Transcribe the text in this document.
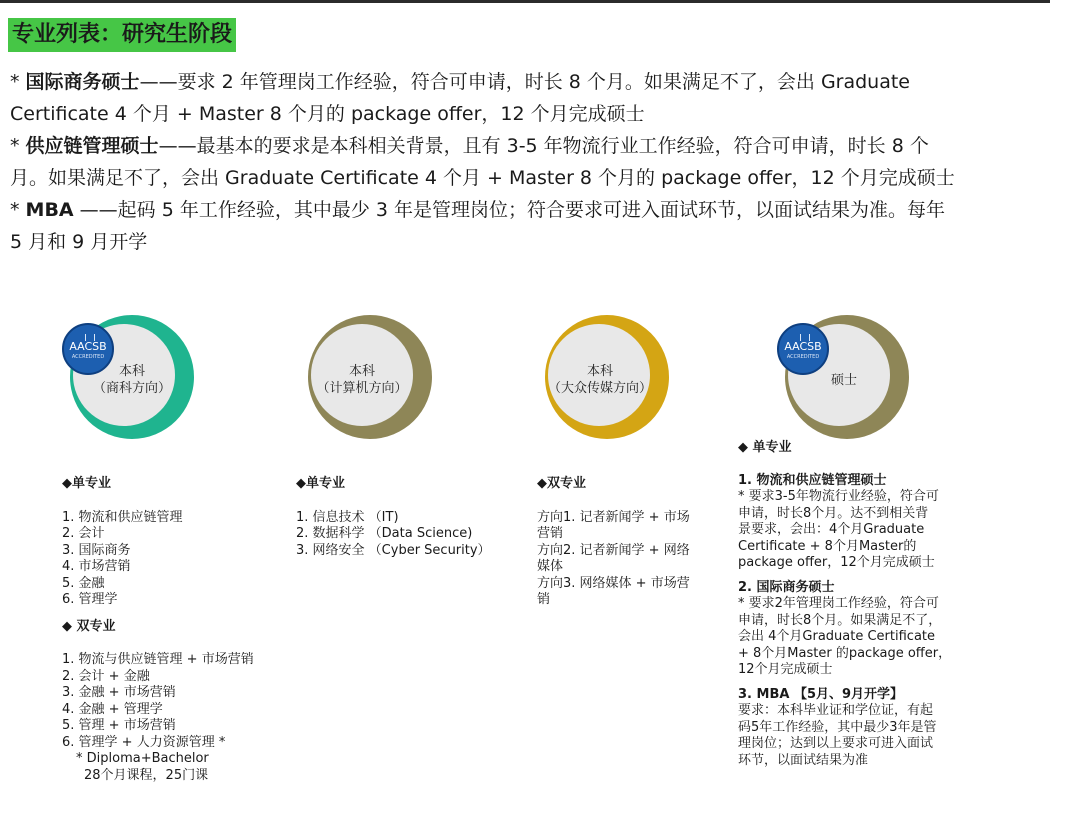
专业列表：研究生阶段
* 国际商务硕士——要求 2 年管理岗工作经验，符合可申请，时长 8 个月。如果满足不了，会出 Graduate
Certificate 4 个月 + Master 8 个月的 package offer，12 个月完成硕士
* 供应链管理硕士——最基本的要求是本科相关背景，且有 3-5 年物流行业工作经验，符合可申请，时长 8 个
月。如果满足不了，会出 Graduate Certificate 4 个月 + Master 8 个月的 package offer，12 个月完成硕士
* MBA ——起码 5 年工作经验，其中最少 3 年是管理岗位；符合要求可进入面试环节，以面试结果为准。每年
5 月和 9 月开学
本科
（商科方向）
AACSB
ACCREDITED
本科
（计算机方向）
本科
（大众传媒方向）
硕士
AACSB
ACCREDITED
◆单专业
1. 物流和供应链管理
2. 会计
3. 国际商务
4. 市场营销
5. 金融
6. 管理学
◆ 双专业
1. 物流与供应链管理 + 市场营销
2. 会计 + 金融
3. 金融 + 市场营销
4. 金融 + 管理学
5. 管理 + 市场营销
6. 管理学 + 人力资源管理 *
* Diploma+Bachelor
28个月课程，25门课
◆单专业
1. 信息技术 （IT)
2. 数据科学 （Data Science)
3. 网络安全 （Cyber Security）
◆双专业
方向1. 记者新闻学 + 市场
营销
方向2. 记者新闻学 + 网络
媒体
方向3. 网络媒体 + 市场营
销
◆ 单专业
1. 物流和供应链管理硕士
* 要求3-5年物流行业经验，符合可
申请，时长8个月。达不到相关背
景要求，会出：4个月Graduate
Certificate + 8个月Master的
package offer，12个月完成硕士
2. 国际商务硕士
* 要求2年管理岗工作经验，符合可
申请，时长8个月。如果满足不了，
会出 4个月Graduate Certificate
+ 8个月Master 的package offer，
12个月完成硕士
3. MBA 【5月、9月开学】
要求：本科毕业证和学位证，有起
码5年工作经验，其中最少3年是管
理岗位；达到以上要求可进入面试
环节，以面试结果为准
